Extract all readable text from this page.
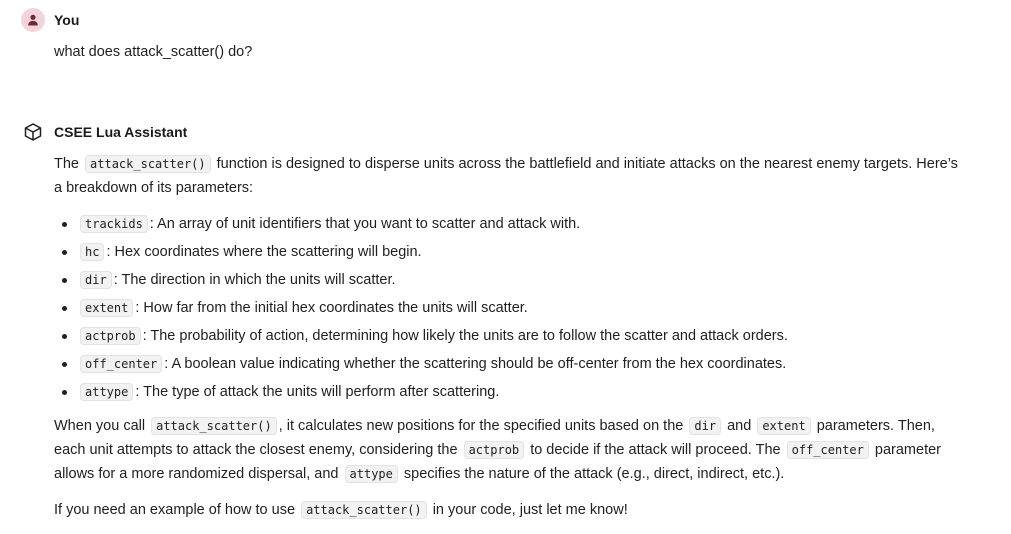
You
what does attack_scatter() do?
CSEE Lua Assistant
The attack_scatter() function is designed to disperse units across the battlefield and initiate attacks on the nearest enemy targets. Here’s a breakdown of its parameters:
trackids : An array of unit identifiers that you want to scatter and attack with.
hc : Hex coordinates where the scattering will begin.
dir : The direction in which the units will scatter.
extent : How far from the initial hex coordinates the units will scatter.
actprob : The probability of action, determining how likely the units are to follow the scatter and attack orders.
off_center : A boolean value indicating whether the scattering should be off-center from the hex coordinates.
attype : The type of attack the units will perform after scattering.
When you call attack_scatter() , it calculates new positions for the specified units based on the dir and extent parameters. Then, each unit attempts to attack the closest enemy, considering the actprob to decide if the attack will proceed. The off_center parameter allows for a more randomized dispersal, and attype specifies the nature of the attack (e.g., direct, indirect, etc.).
If you need an example of how to use attack_scatter() in your code, just let me know!
